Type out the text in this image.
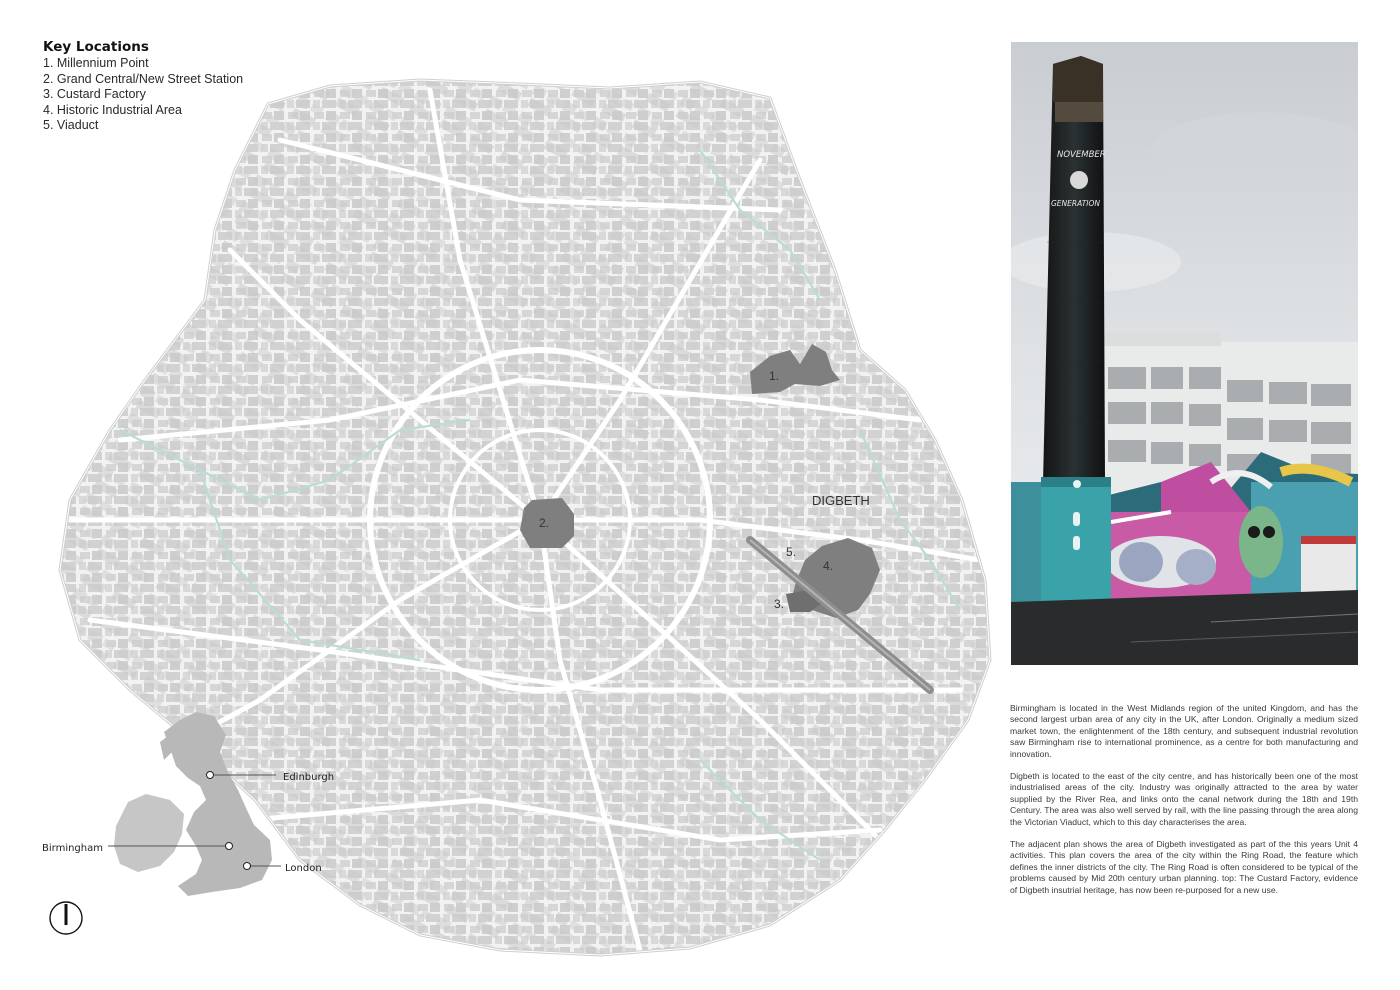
1.
2.
3.
4.
5.
DIGBETH
Edinburgh
Birmingham
London
Key Locations
1. Millennium Point
2. Grand Central/New Street Station
3. Custard Factory
4. Historic Industrial Area
5. Viaduct
NOVEMBER
GENERATION

Birmingham is located in the West Midlands region of the united Kingdom, and has the second largest urban area of any city in the UK, after London. Originally a medium sized market town, the enlightenment of the 18th century, and subsequent industrial revolution saw Birmingham rise to international prominence, as a centre for both manufacturing and innovation.

Digbeth is located to the east of the city centre, and has historically been one of the most industrialised areas of the city. Industry was originally attracted to the area by water supplied by the River Rea, and links onto the canal network during the 18th and 19th Century. The area was also well served by rail, with the line passing through the area along the Victorian Viaduct, which to this day characterises the area.

The adjacent plan shows the area of Digbeth investigated as part of the this years Unit 4 activities. This plan covers the area of the city within the Ring Road, the feature which defines the inner districts of the city. The Ring Road is often considered to be typical of the problems caused by Mid 20th century urban planning. top: The Custard Factory, evidence of Digbeth insutrial heritage, has now been re-purposed for a new use.
